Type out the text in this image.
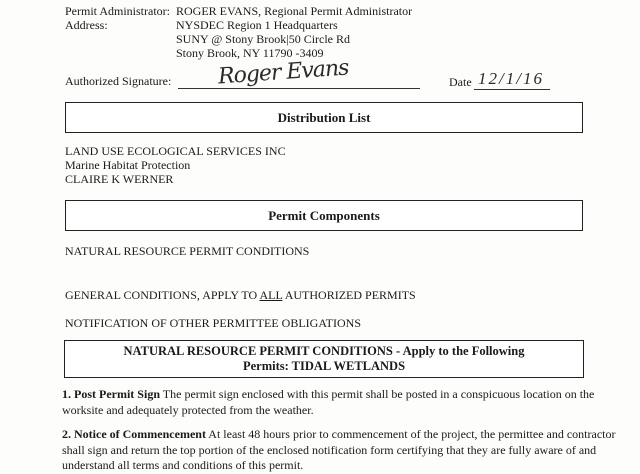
Permit Administrator: ROGER EVANS, Regional Permit Administrator
Address:	NYSDEC Region 1 Headquarters
SUNY @ Stony Brook|50 Circle Rd
Stony Brook, NY 11790 -3409
Authorized Signature: Roger Evans	Date 12/1/16
Distribution List
LAND USE ECOLOGICAL SERVICES INC
Marine Habitat Protection
CLAIRE K WERNER
Permit Components
NATURAL RESOURCE PERMIT CONDITIONS
GENERAL CONDITIONS, APPLY TO ALL AUTHORIZED PERMITS
NOTIFICATION OF OTHER PERMITTEE OBLIGATIONS
NATURAL RESOURCE PERMIT CONDITIONS - Apply to the Following
Permits: TIDAL WETLANDS
1. Post Permit Sign The permit sign enclosed with this permit shall be posted in a conspicuous location on the worksite and adequately protected from the weather.
2. Notice of Commencement At least 48 hours prior to commencement of the project, the permittee and contractor shall sign and return the top portion of the enclosed notification form certifying that they are fully aware of and understand all terms and conditions of this permit.
